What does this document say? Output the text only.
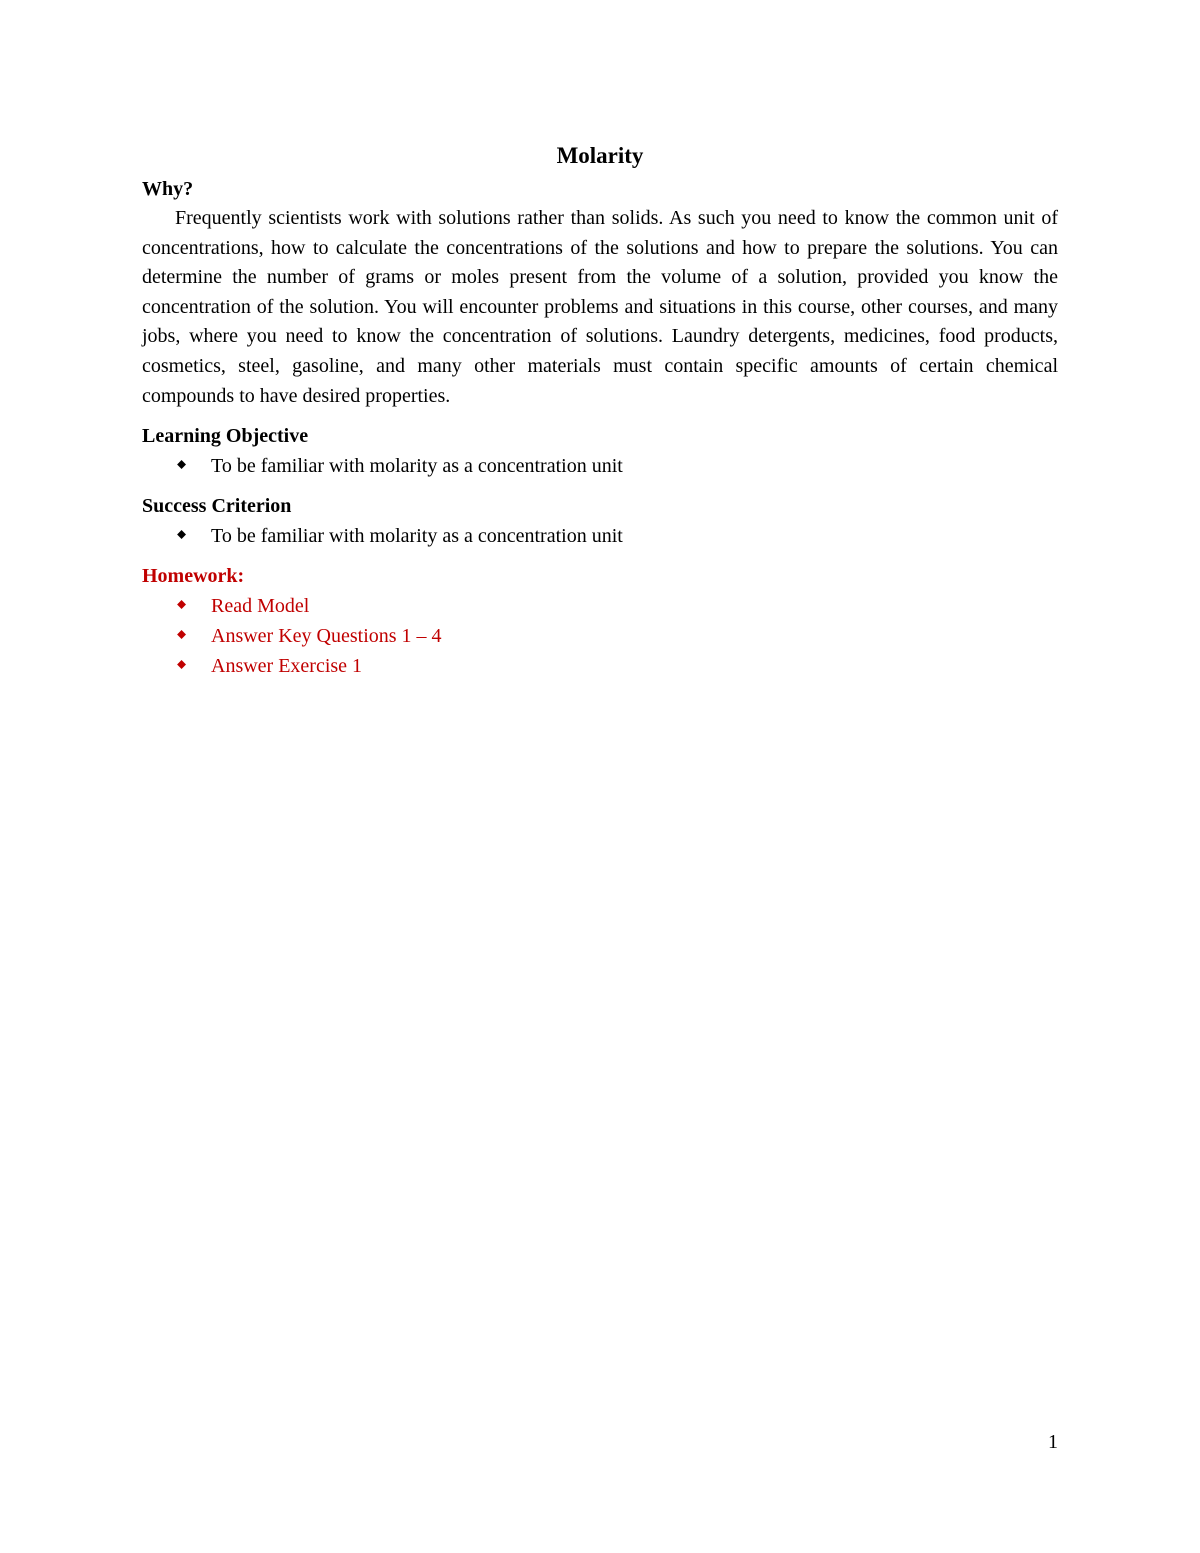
Molarity
Why?

Frequently scientists work with solutions rather than solids. As such you need to know the common unit of concentrations, how to calculate the concentrations of the solutions and how to prepare the solutions. You can determine the number of grams or moles present from the volume of a solution, provided you know the concentration of the solution. You will encounter problems and situations in this course, other courses, and many jobs, where you need to know the concentration of solutions. Laundry detergents, medicines, food products, cosmetics, steel, gasoline, and many other materials must contain specific amounts of certain chemical compounds to have desired properties.

Learning Objective
⬥ To be familiar with molarity as a concentration unit
Success Criterion
⬥ To be familiar with molarity as a concentration unit
Homework:
⬥ Read Model
⬥ Answer Key Questions 1 – 4
⬥ Answer Exercise 1
1
